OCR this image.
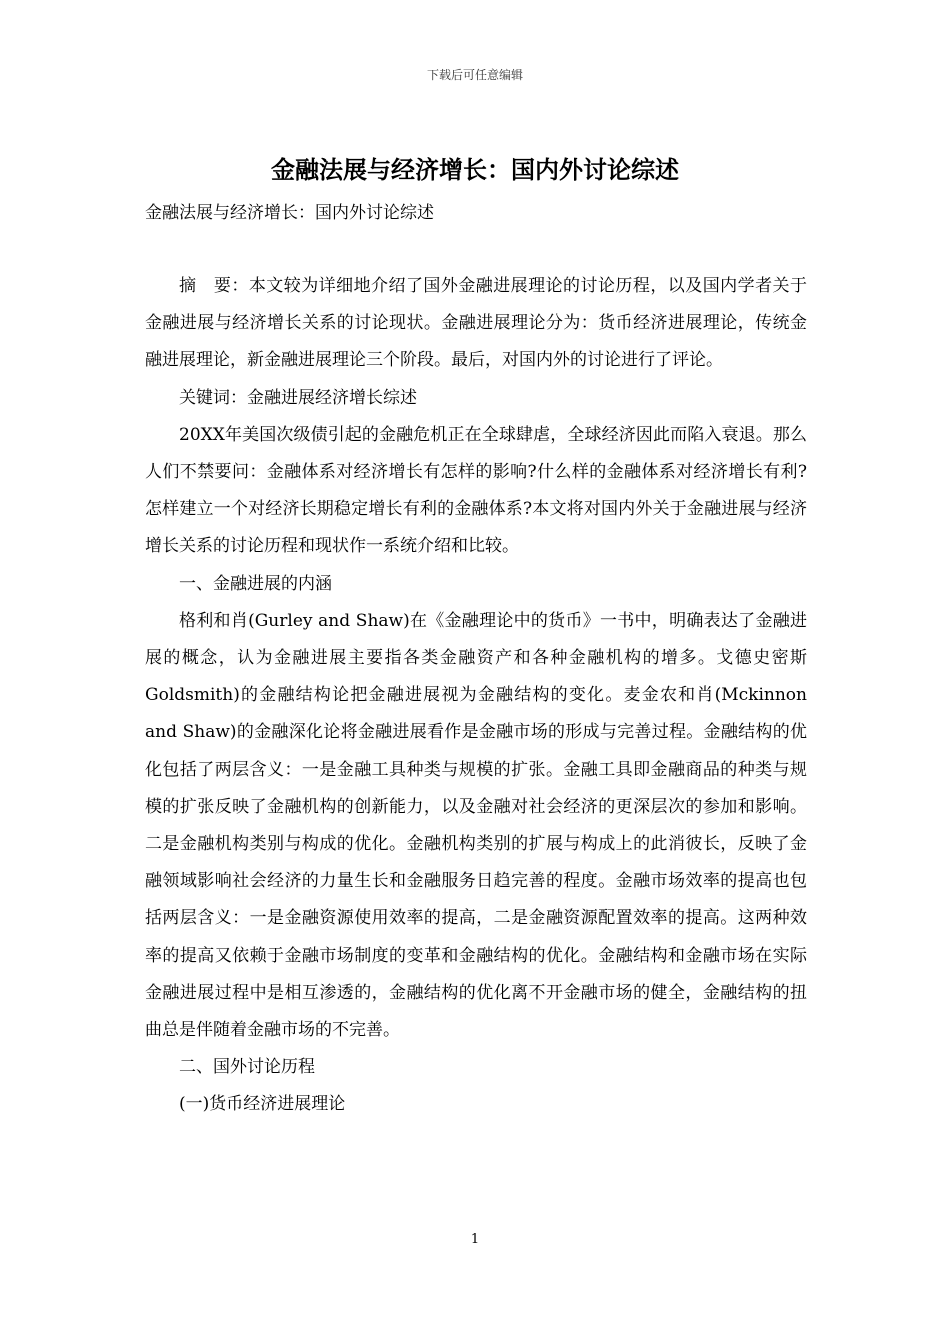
下载后可任意编辑
金融法展与经济增长：国内外讨论综述
金融法展与经济增长：国内外讨论综述

摘　要：本文较为详细地介绍了国外金融进展理论的讨论历程，以及国内学者关于金融进展与经济增长关系的讨论现状。金融进展理论分为：货币经济进展理论，传统金融进展理论，新金融进展理论三个阶段。最后，对国内外的讨论进行了评论。

关键词：金融进展经济增长综述

20XX年美国次级债引起的金融危机正在全球肆虐，全球经济因此而陷入衰退。那么人们不禁要问：金融体系对经济增长有怎样的影响?什么样的金融体系对经济增长有利?怎样建立一个对经济长期稳定增长有利的金融体系?本文将对国内外关于金融进展与经济增长关系的讨论历程和现状作一系统介绍和比较。

一、金融进展的内涵

格利和肖(Gurley and Shaw)在《金融理论中的货币》一书中，明确表达了金融进展的概念，认为金融进展主要指各类金融资产和各种金融机构的增多。戈德史密斯Goldsmith)的金融结构论把金融进展视为金融结构的变化。麦金农和肖(Mckinnon and Shaw)的金融深化论将金融进展看作是金融市场的形成与完善过程。金融结构的优化包括了两层含义：一是金融工具种类与规模的扩张。金融工具即金融商品的种类与规模的扩张反映了金融机构的创新能力，以及金融对社会经济的更深层次的参加和影响。二是金融机构类别与构成的优化。金融机构类别的扩展与构成上的此消彼长，反映了金融领域影响社会经济的力量生长和金融服务日趋完善的程度。金融市场效率的提高也包括两层含义：一是金融资源使用效率的提高，二是金融资源配置效率的提高。这两种效率的提高又依赖于金融市场制度的变革和金融结构的优化。金融结构和金融市场在实际金融进展过程中是相互渗透的，金融结构的优化离不开金融市场的健全，金融结构的扭曲总是伴随着金融市场的不完善。

二、国外讨论历程

(一)货币经济进展理论

1
